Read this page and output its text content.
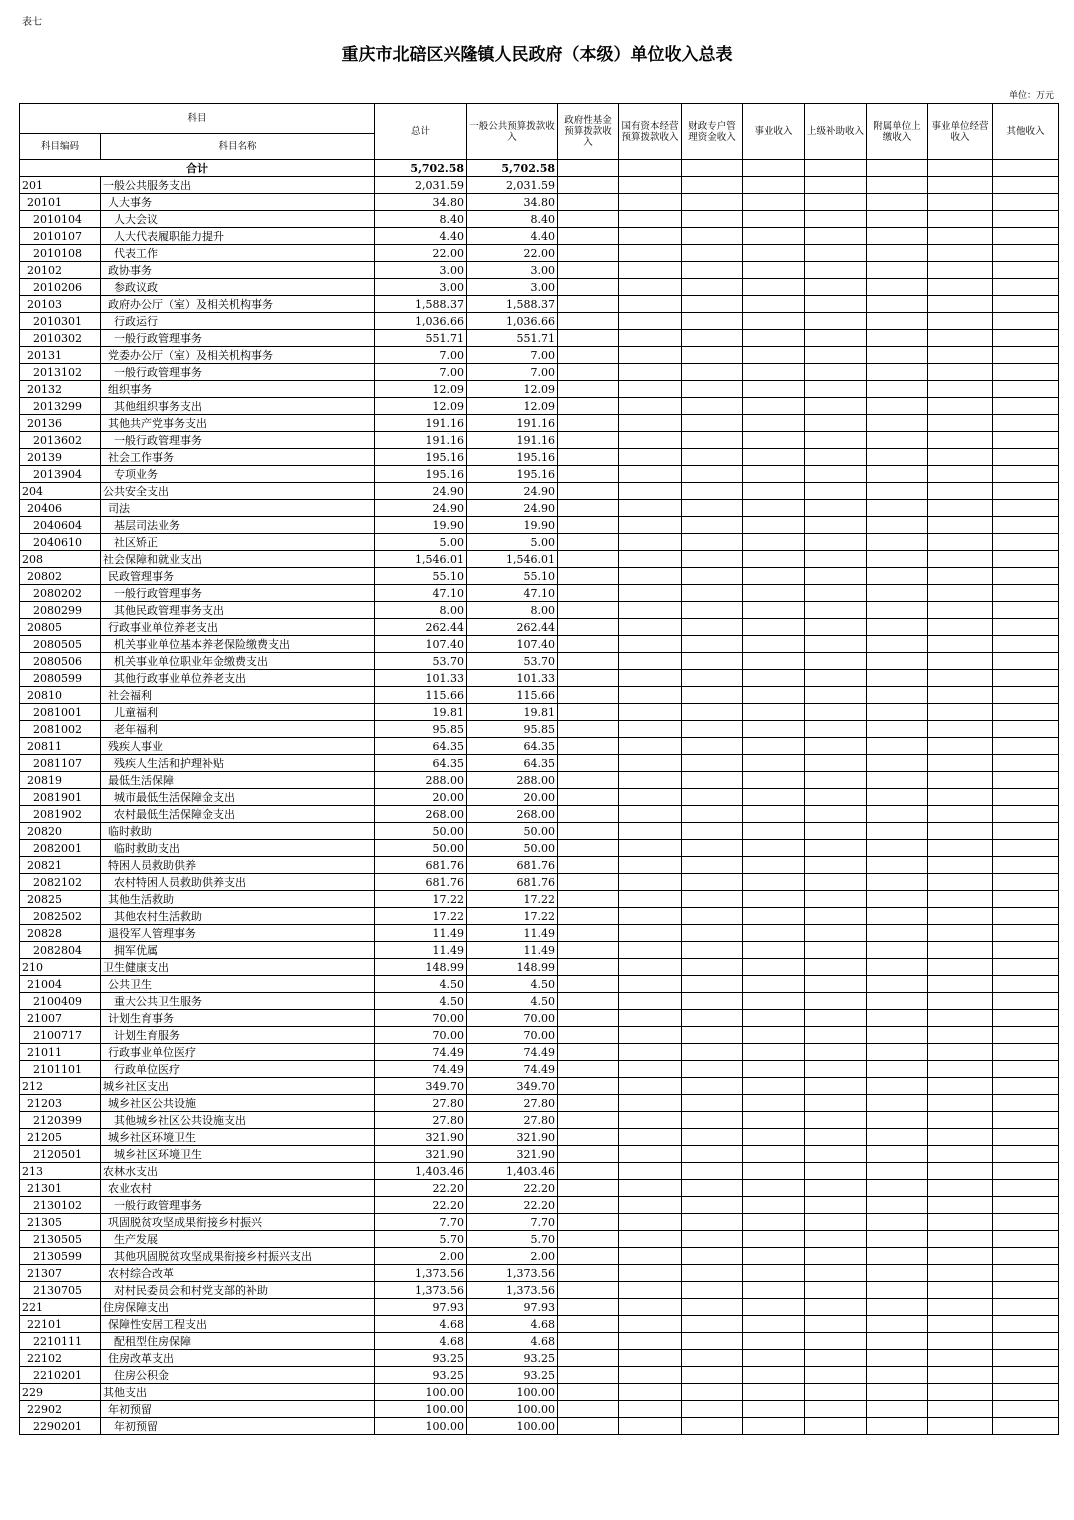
表七
重庆市北碚区兴隆镇人民政府（本级）单位收入总表
单位：万元
科目		总计	一般公共预算拨款收入	政府性基金预算拨款收入	国有资本经营预算拨款收入	财政专户管理资金收入	事业收入	上级补助收入	附属单位上缴收入	事业单位经营收入	其他收入
科目编码	科目名称										
合计		5,702.58	5,702.58								
201	一般公共服务支出	2,031.59	2,031.59								
20101	人大事务	34.80	34.80								
2010104	人大会议	8.40	8.40								
2010107	人大代表履职能力提升	4.40	4.40								
2010108	代表工作	22.00	22.00								
20102	政协事务	3.00	3.00								
2010206	参政议政	3.00	3.00								
20103	政府办公厅（室）及相关机构事务	1,588.37	1,588.37								
2010301	行政运行	1,036.66	1,036.66								
2010302	一般行政管理事务	551.71	551.71								
20131	党委办公厅（室）及相关机构事务	7.00	7.00								
2013102	一般行政管理事务	7.00	7.00								
20132	组织事务	12.09	12.09								
2013299	其他组织事务支出	12.09	12.09								
20136	其他共产党事务支出	191.16	191.16								
2013602	一般行政管理事务	191.16	191.16								
20139	社会工作事务	195.16	195.16								
2013904	专项业务	195.16	195.16								
204	公共安全支出	24.90	24.90								
20406	司法	24.90	24.90								
2040604	基层司法业务	19.90	19.90								
2040610	社区矫正	5.00	5.00								
208	社会保障和就业支出	1,546.01	1,546.01								
20802	民政管理事务	55.10	55.10								
2080202	一般行政管理事务	47.10	47.10								
2080299	其他民政管理事务支出	8.00	8.00								
20805	行政事业单位养老支出	262.44	262.44								
2080505	机关事业单位基本养老保险缴费支出	107.40	107.40								
2080506	机关事业单位职业年金缴费支出	53.70	53.70								
2080599	其他行政事业单位养老支出	101.33	101.33								
20810	社会福利	115.66	115.66								
2081001	儿童福利	19.81	19.81								
2081002	老年福利	95.85	95.85								
20811	残疾人事业	64.35	64.35								
2081107	残疾人生活和护理补贴	64.35	64.35								
20819	最低生活保障	288.00	288.00								
2081901	城市最低生活保障金支出	20.00	20.00								
2081902	农村最低生活保障金支出	268.00	268.00								
20820	临时救助	50.00	50.00								
2082001	临时救助支出	50.00	50.00								
20821	特困人员救助供养	681.76	681.76								
2082102	农村特困人员救助供养支出	681.76	681.76								
20825	其他生活救助	17.22	17.22								
2082502	其他农村生活救助	17.22	17.22								
20828	退役军人管理事务	11.49	11.49								
2082804	拥军优属	11.49	11.49								
210	卫生健康支出	148.99	148.99								
21004	公共卫生	4.50	4.50								
2100409	重大公共卫生服务	4.50	4.50								
21007	计划生育事务	70.00	70.00								
2100717	计划生育服务	70.00	70.00								
21011	行政事业单位医疗	74.49	74.49								
2101101	行政单位医疗	74.49	74.49								
212	城乡社区支出	349.70	349.70								
21203	城乡社区公共设施	27.80	27.80								
2120399	其他城乡社区公共设施支出	27.80	27.80								
21205	城乡社区环境卫生	321.90	321.90								
2120501	城乡社区环境卫生	321.90	321.90								
213	农林水支出	1,403.46	1,403.46								
21301	农业农村	22.20	22.20								
2130102	一般行政管理事务	22.20	22.20								
21305	巩固脱贫攻坚成果衔接乡村振兴	7.70	7.70								
2130505	生产发展	5.70	5.70								
2130599	其他巩固脱贫攻坚成果衔接乡村振兴支出	2.00	2.00								
21307	农村综合改革	1,373.56	1,373.56								
2130705	对村民委员会和村党支部的补助	1,373.56	1,373.56								
221	住房保障支出	97.93	97.93								
22101	保障性安居工程支出	4.68	4.68								
2210111	配租型住房保障	4.68	4.68								
22102	住房改革支出	93.25	93.25								
2210201	住房公积金	93.25	93.25								
229	其他支出	100.00	100.00								
22902	年初预留	100.00	100.00								
2290201	年初预留	100.00	100.00								
